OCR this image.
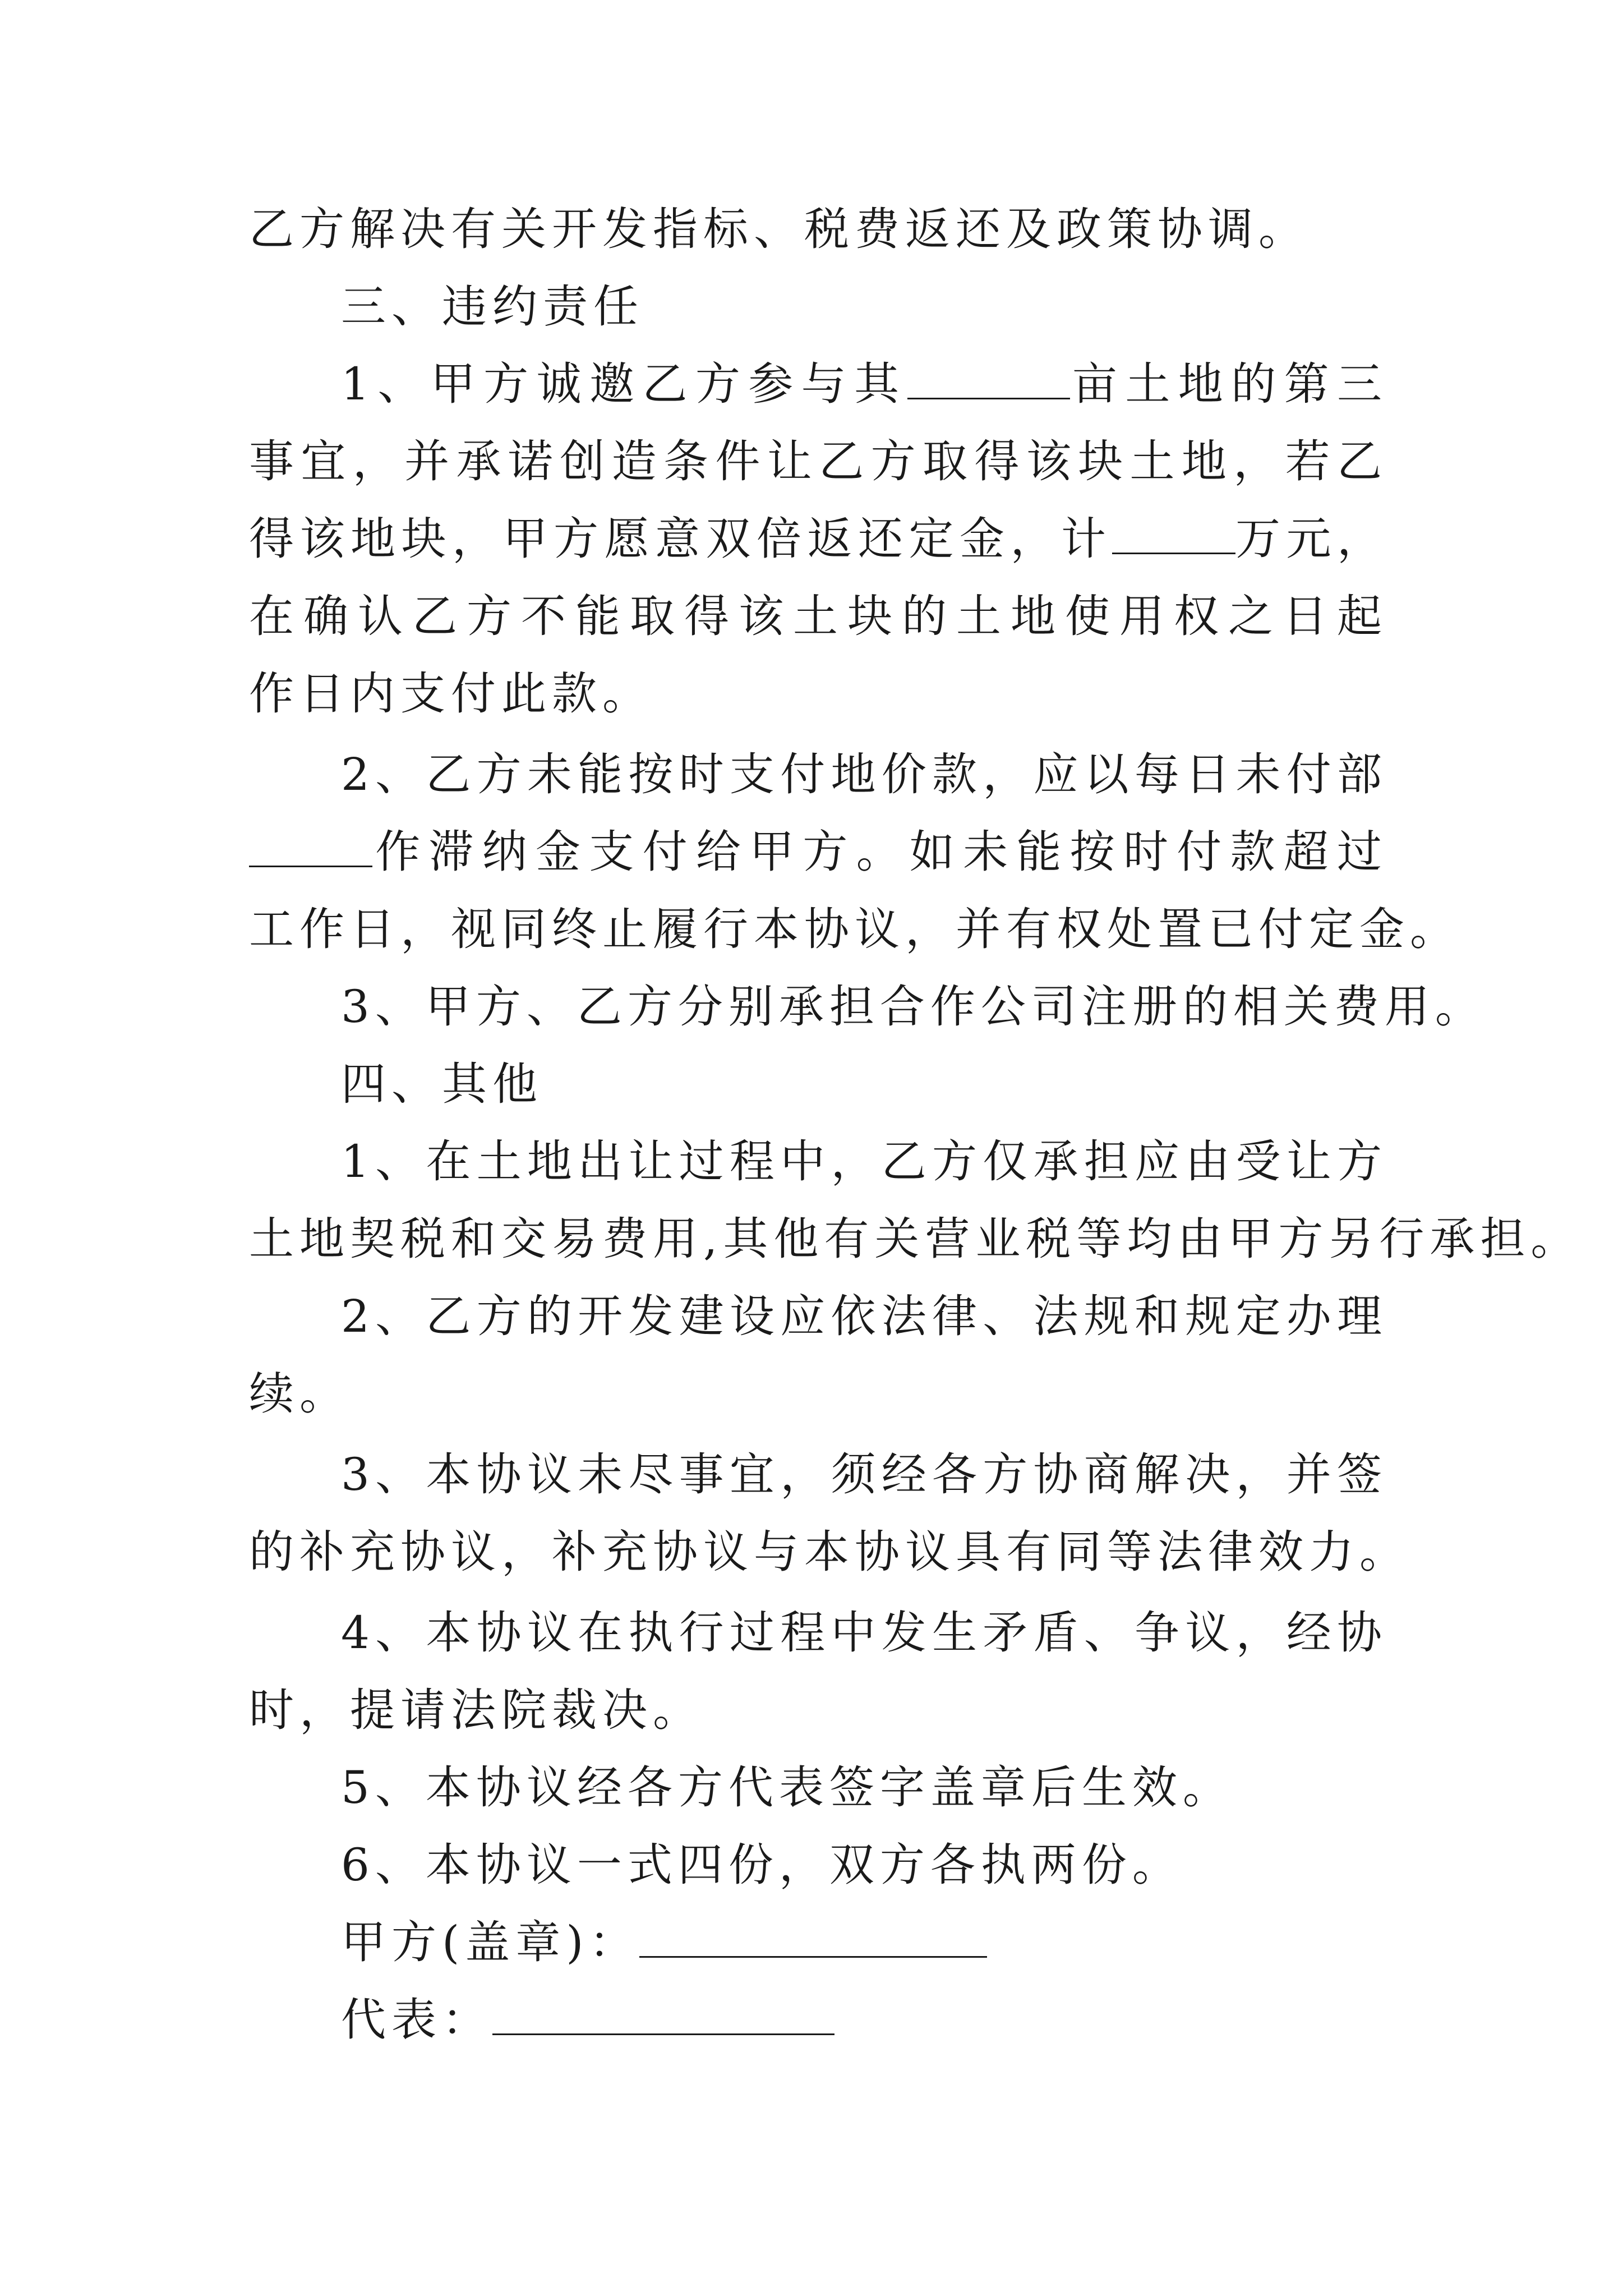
乙方解决有关开发指标、税费返还及政策协调。
三、违约责任
1、甲方诚邀乙方参与其	亩土地的第三
事宜，并承诺创造条件让乙方取得该块土地，若乙
得该地块，甲方愿意双倍返还定金，计	万元，
在确认乙方不能取得该土块的土地使用权之日起
作日内支付此款。
2、乙方未能按时支付地价款，应以每日未付部
作滞纳金支付给甲方。如未能按时付款超过
工作日，视同终止履行本协议，并有权处置已付定金。
3、甲方、乙方分别承担合作公司注册的相关费用。
四、其他
1、在土地出让过程中，乙方仅承担应由受让方
土地契税和交易费用,其他有关营业税等均由甲方另行承担。
2、乙方的开发建设应依法律、法规和规定办理
续。
3、本协议未尽事宜，须经各方协商解决，并签
的补充协议，补充协议与本协议具有同等法律效力。
4、本协议在执行过程中发生矛盾、争议，经协
时，提请法院裁决。
5、本协议经各方代表签字盖章后生效。
6、本协议一式四份，双方各执两份。
甲方(盖章)：
代表：
